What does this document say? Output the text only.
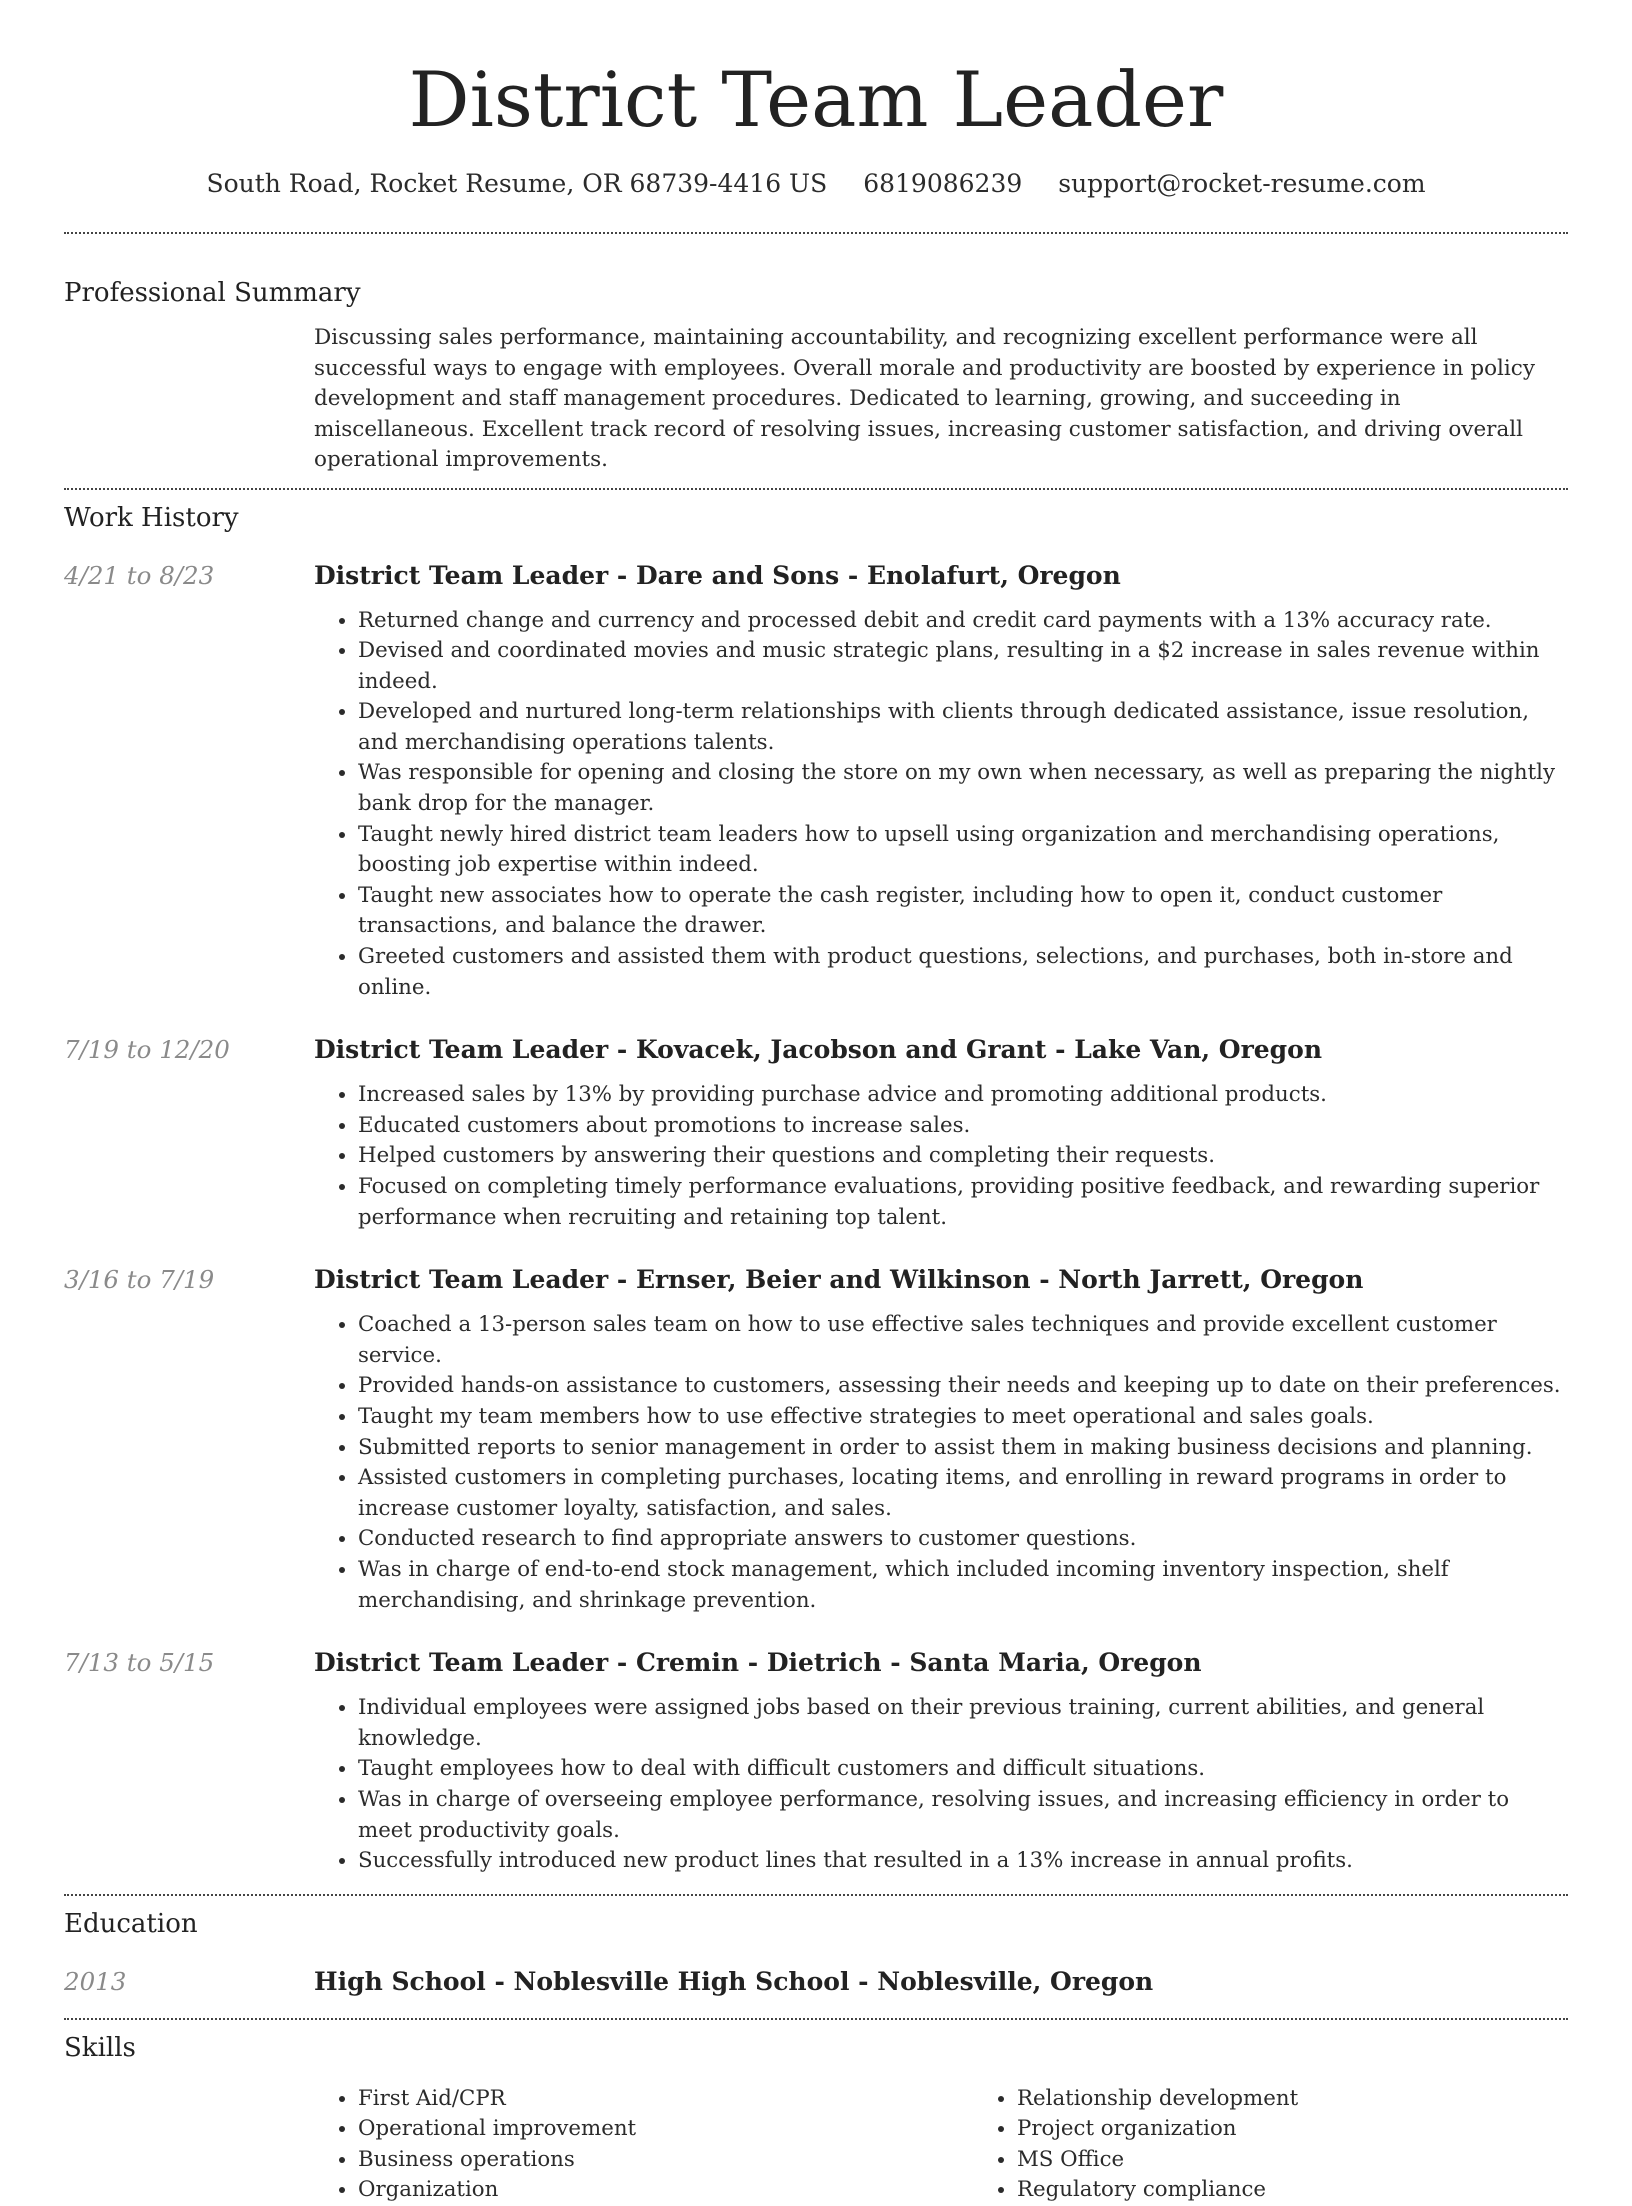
District Team Leader
South Road, Rocket Resume, OR 68739-4416 US 6819086239 support@rocket-resume.com
Professional Summary

Discussing sales performance, maintaining accountability, and recognizing excellent performance were all successful ways to engage with employees. Overall morale and productivity are boosted by experience in policy development and staff management procedures. Dedicated to learning, growing, and succeeding in miscellaneous. Excellent track record of resolving issues, increasing customer satisfaction, and driving overall operational improvements.

Work History
4/21 to 8/23	District Team Leader - Dare and Sons - Enolafurt, Oregon
• Returned change and currency and processed debit and credit card payments with a 13% accuracy rate.
• Devised and coordinated movies and music strategic plans, resulting in a $2 increase in sales revenue within indeed.
• Developed and nurtured long-term relationships with clients through dedicated assistance, issue resolution, and merchandising operations talents.
• Was responsible for opening and closing the store on my own when necessary, as well as preparing the nightly bank drop for the manager.
• Taught newly hired district team leaders how to upsell using organization and merchandising operations, boosting job expertise within indeed.
• Taught new associates how to operate the cash register, including how to open it, conduct customer transactions, and balance the drawer.
• Greeted customers and assisted them with product questions, selections, and purchases, both in-store and online.
7/19 to 12/20	District Team Leader - Kovacek, Jacobson and Grant - Lake Van, Oregon
• Increased sales by 13% by providing purchase advice and promoting additional products.
• Educated customers about promotions to increase sales.
• Helped customers by answering their questions and completing their requests.
• Focused on completing timely performance evaluations, providing positive feedback, and rewarding superior performance when recruiting and retaining top talent.
3/16 to 7/19	District Team Leader - Ernser, Beier and Wilkinson - North Jarrett, Oregon
• Coached a 13-person sales team on how to use effective sales techniques and provide excellent customer service.
• Provided hands-on assistance to customers, assessing their needs and keeping up to date on their preferences.
• Taught my team members how to use effective strategies to meet operational and sales goals.
• Submitted reports to senior management in order to assist them in making business decisions and planning.
• Assisted customers in completing purchases, locating items, and enrolling in reward programs in order to increase customer loyalty, satisfaction, and sales.
• Conducted research to find appropriate answers to customer questions.
• Was in charge of end-to-end stock management, which included incoming inventory inspection, shelf merchandising, and shrinkage prevention.
7/13 to 5/15	District Team Leader - Cremin - Dietrich - Santa Maria, Oregon
• Individual employees were assigned jobs based on their previous training, current abilities, and general knowledge.
• Taught employees how to deal with difficult customers and difficult situations.
• Was in charge of overseeing employee performance, resolving issues, and increasing efficiency in order to meet productivity goals.
• Successfully introduced new product lines that resulted in a 13% increase in annual profits.
Education
2013	High School - Noblesville High School - Noblesville, Oregon
Skills
• First Aid/CPR
• Operational improvement
• Business operations
• Organization
• Relationship development
• Project organization
• MS Office
• Regulatory compliance
